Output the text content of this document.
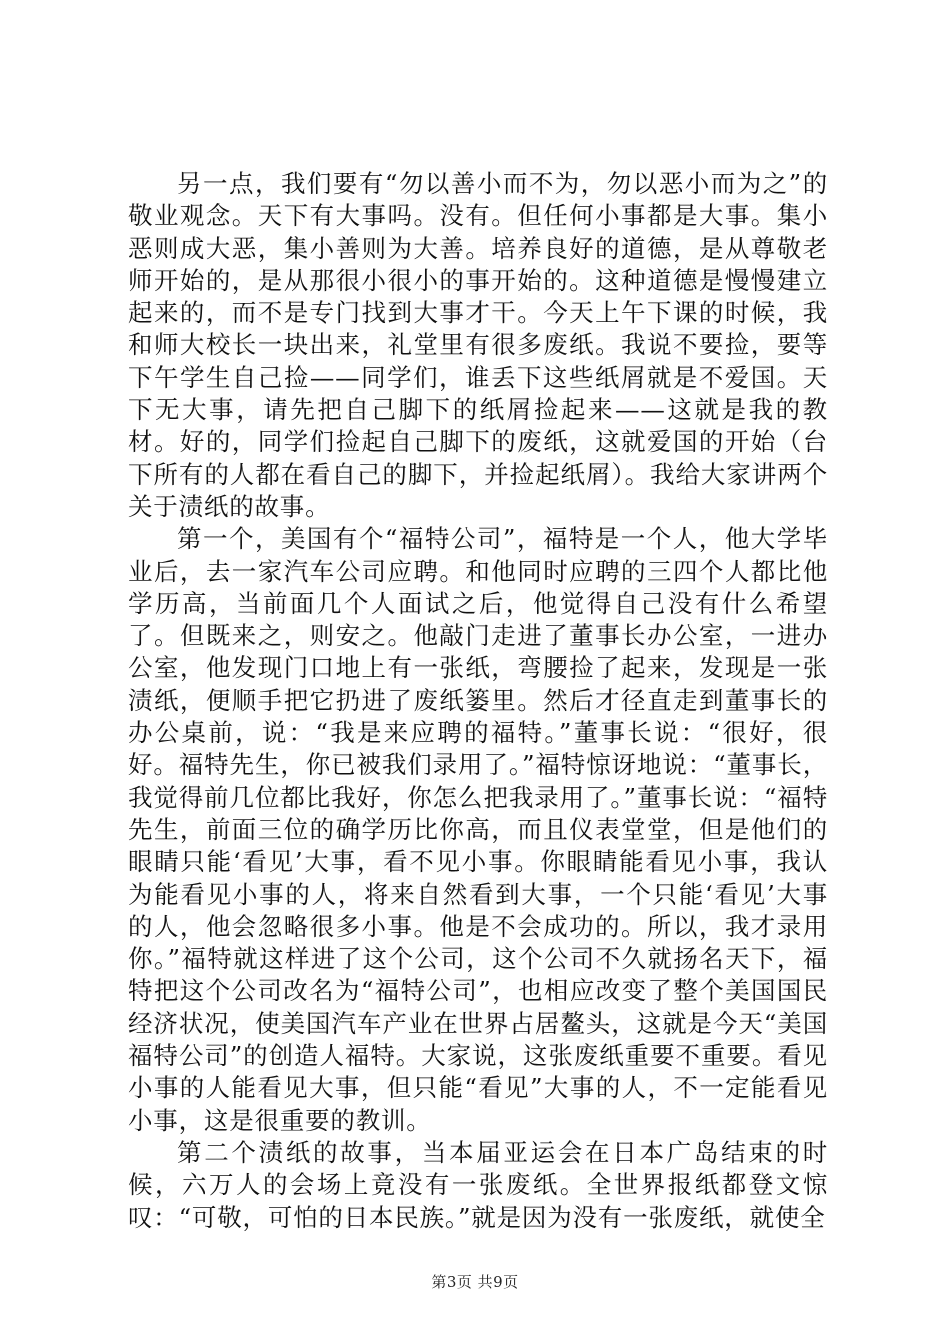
另一点，我们要有“勿以善小而不为，勿以恶小而为之”的敬业观念。天下有大事吗。没有。但任何小事都是大事。集小恶则成大恶，集小善则为大善。培养良好的道德，是从尊敬老师开始的，是从那很小很小的事开始的。这种道德是慢慢建立起来的，而不是专门找到大事才干。今天上午下课的时候，我和师大校长一块出来，礼堂里有很多废纸。我说不要捡，要等下午学生自己捡——同学们，谁丢下这些纸屑就是不爱国。天下无大事，请先把自己脚下的纸屑捡起来——这就是我的教材。好的，同学们捡起自己脚下的废纸，这就爱国的开始（台下所有的人都在看自己的脚下，并捡起纸屑）。我给大家讲两个关于渍纸的故事。

第一个，美国有个“福特公司”，福特是一个人，他大学毕业后，去一家汽车公司应聘。和他同时应聘的三四个人都比他学历高，当前面几个人面试之后，他觉得自己没有什么希望了。但既来之，则安之。他敲门走进了董事长办公室，一进办公室，他发现门口地上有一张纸，弯腰捡了起来，发现是一张渍纸，便顺手把它扔进了废纸篓里。然后才径直走到董事长的办公桌前，说：“我是来应聘的福特。”董事长说：“很好，很好。福特先生，你已被我们录用了。”福特惊讶地说：“董事长，我觉得前几位都比我好，你怎么把我录用了。”董事长说：“福特先生，前面三位的确学历比你高，而且仪表堂堂，但是他们的眼睛只能‘看见’大事，看不见小事。你眼睛能看见小事，我认为能看见小事的人，将来自然看到大事，一个只能‘看见’大事的人，他会忽略很多小事。他是不会成功的。所以，我才录用你。”福特就这样进了这个公司，这个公司不久就扬名天下，福特把这个公司改名为“福特公司”，也相应改变了整个美国国民经济状况，使美国汽车产业在世界占居鳌头，这就是今天“美国福特公司”的创造人福特。大家说，这张废纸重要不重要。看见小事的人能看见大事，但只能“看见”大事的人，不一定能看见小事，这是很重要的教训。

第二个渍纸的故事，当本届亚运会在日本广岛结束的时候，六万人的会场上竟没有一张废纸。全世界报纸都登文惊叹：“可敬，可怕的日本民族。”就是因为没有一张废纸，就使全

第3页 共9页
